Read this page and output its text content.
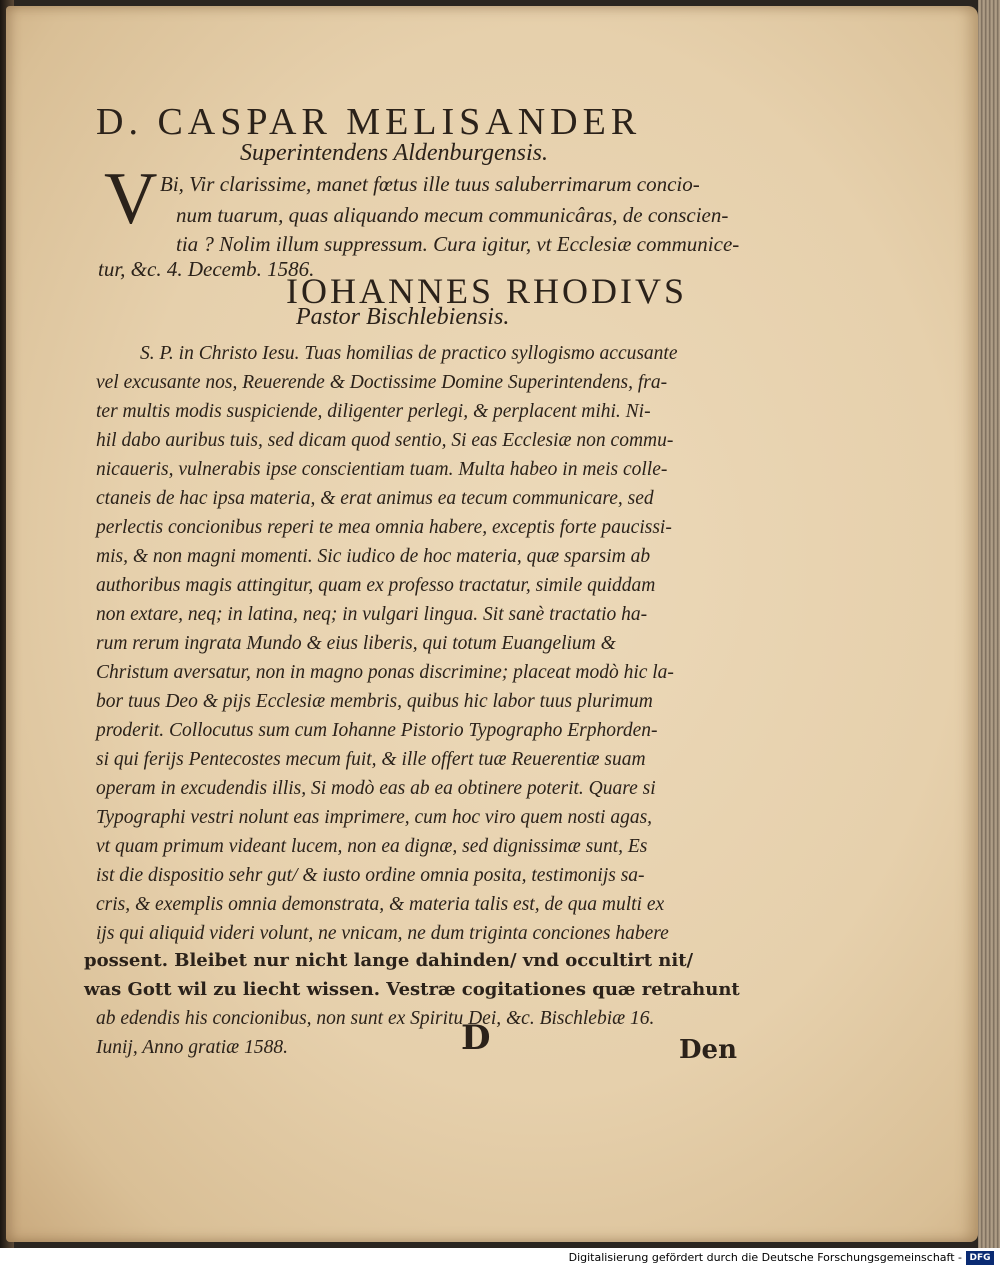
D. CASPAR MELISANDER
Superintendens Aldenburgensis.
V Bi, Vir clarissime, manet fœtus ille tuus saluberrimarum concio-
num tuarum, quas aliquando mecum communicâras, de conscien-
tia ? Nolim illum suppressum. Cura igitur, vt Ecclesiæ communice-
tur, &c. 4. Decemb. 1586.
IOHANNES RHODIVS
Pastor Bischlebiensis.
S. P. in Christo Iesu. Tuas homilias de practico syllogismo accusante
vel excusante nos, Reuerende & Doctissime Domine Superintendens, fra-
ter multis modis suspiciende, diligenter perlegi, & perplacent mihi. Ni-
hil dabo auribus tuis, sed dicam quod sentio, Si eas Ecclesiæ non commu-
nicaueris, vulnerabis ipse conscientiam tuam. Multa habeo in meis colle-
ctaneis de hac ipsa materia, & erat animus ea tecum communicare, sed
perlectis concionibus reperi te mea omnia habere, exceptis forte paucissi-
mis, & non magni momenti. Sic iudico de hoc materia, quæ sparsim ab
authoribus magis attingitur, quam ex professo tractatur, simile quiddam
non extare, neq; in latina, neq; in vulgari lingua. Sit sanè tractatio ha-
rum rerum ingrata Mundo & eius liberis, qui totum Euangelium &
Christum aversatur, non in magno ponas discrimine; placeat modò hic la-
bor tuus Deo & pijs Ecclesiæ membris, quibus hic labor tuus plurimum
proderit. Collocutus sum cum Iohanne Pistorio Typographo Erphorden-
si qui ferijs Pentecostes mecum fuit, & ille offert tuæ Reuerentiæ suam
operam in excudendis illis, Si modò eas ab ea obtinere poterit. Quare si
Typographi vestri nolunt eas imprimere, cum hoc viro quem nosti agas,
vt quam primum videant lucem, non ea dignæ, sed dignissimæ sunt, Es
ist die dispositio sehr gut/ & iusto ordine omnia posita, testimonijs sa-
cris, & exemplis omnia demonstrata, & materia talis est, de qua multi ex
ijs qui aliquid videri volunt, ne vnicam, ne dum triginta conciones habere
possent. Bleibet nur nicht lange dahinden/ vnd occultirt nit/
was Gott wil zu liecht wissen. Vestræ cogitationes quæ retrahunt
ab edendis his concionibus, non sunt ex Spiritu Dei, &c. Bischlebiæ 16.
Iunij, Anno gratiæ 1588.	D	Den
Digitalisierung gefördert durch die Deutsche Forschungsgemeinschaft - DFG
